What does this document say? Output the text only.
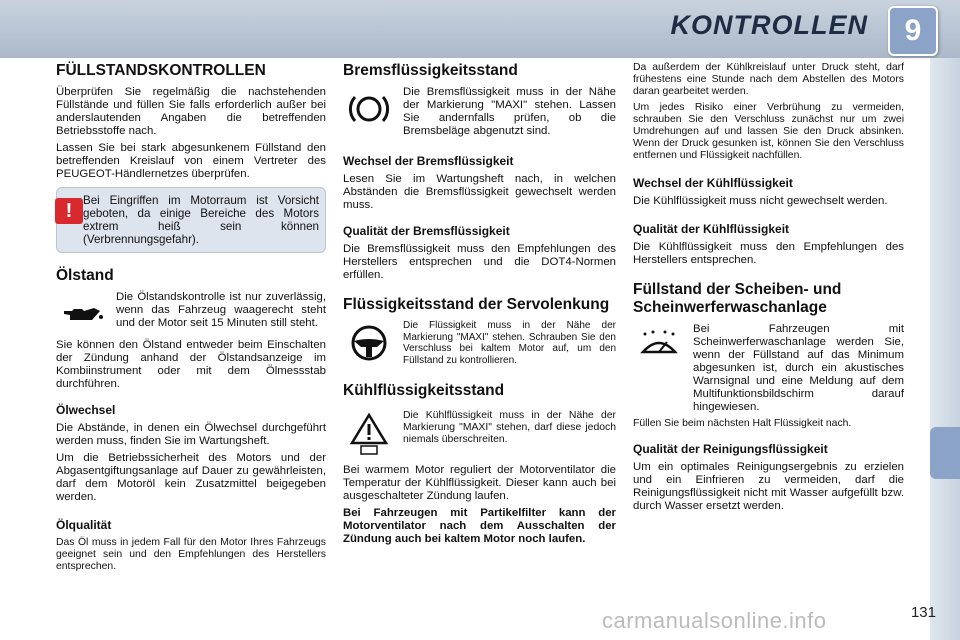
KONTROLLEN	9
FÜLLSTANDSKONTROLLEN

Überprüfen Sie regelmäßig die nachstehenden Füllstände und füllen Sie falls erforderlich außer bei anderslautenden Angaben die betreffenden Betriebsstoffe nach.

Lassen Sie bei stark abgesunkenem Füllstand den betreffenden Kreislauf von einem Vertreter des PEUGEOT-Händlernetzes überprüfen.

! Bei Eingriffen im Motorraum ist Vorsicht geboten, da einige Bereiche des Motors extrem heiß sein können (Verbrennungsgefahr).

Ölstand

Die Ölstandskontrolle ist nur zuverlässig, wenn das Fahrzeug waagerecht steht und der Motor seit 15 Minuten still steht.

Sie können den Ölstand entweder beim Einschalten der Zündung anhand der Ölstandsanzeige im Kombiinstrument oder mit dem Ölmessstab durchführen.

Ölwechsel

Die Abstände, in denen ein Ölwechsel durchgeführt werden muss, finden Sie im Wartungsheft.

Um die Betriebssicherheit des Motors und der Abgasentgiftungsanlage auf Dauer zu gewährleisten, darf dem Motoröl kein Zusatzmittel beigegeben werden.

Ölqualität

Das Öl muss in jedem Fall für den Motor Ihres Fahrzeugs geeignet sein und den Empfehlungen des Herstellers entsprechen.

Bremsflüssigkeitsstand

Die Bremsflüssigkeit muss in der Nähe der Markierung "MAXI" stehen. Lassen Sie andernfalls prüfen, ob die Bremsbeläge abgenutzt sind.

Wechsel der Bremsflüssigkeit

Lesen Sie im Wartungsheft nach, in welchen Abständen die Bremsflüssigkeit gewechselt werden muss.

Qualität der Bremsflüssigkeit

Die Bremsflüssigkeit muss den Empfehlungen des Herstellers entsprechen und die DOT4-Normen erfüllen.

Flüssigkeitsstand der Servolenkung

Die Flüssigkeit muss in der Nähe der Markierung "MAXI" stehen. Schrauben Sie den Verschluss bei kaltem Motor auf, um den Füllstand zu kontrollieren.

Kühlflüssigkeitsstand

Die Kühlflüssigkeit muss in der Nähe der Markierung "MAXI" stehen, darf diese jedoch niemals überschreiten.

Bei warmem Motor reguliert der Motorventilator die Temperatur der Kühlflüssigkeit. Dieser kann auch bei ausgeschalteter Zündung laufen.

Bei Fahrzeugen mit Partikelfilter kann der Motorventilator nach dem Ausschalten der Zündung auch bei kaltem Motor noch laufen.

Da außerdem der Kühlkreislauf unter Druck steht, darf frühestens eine Stunde nach dem Abstellen des Motors daran gearbeitet werden.

Um jedes Risiko einer Verbrühung zu vermeiden, schrauben Sie den Verschluss zunächst nur um zwei Umdrehungen auf und lassen Sie den Druck absinken. Wenn der Druck gesunken ist, können Sie den Verschluss entfernen und Flüssigkeit nachfüllen.

Wechsel der Kühlflüssigkeit

Die Kühlflüssigkeit muss nicht gewechselt werden.

Qualität der Kühlflüssigkeit

Die Kühlflüssigkeit muss den Empfehlungen des Herstellers entsprechen.

Füllstand der Scheiben- und Scheinwerferwaschanlage

Bei Fahrzeugen mit Scheinwerferwaschanlage werden Sie, wenn der Füllstand auf das Minimum abgesunken ist, durch ein akustisches Warnsignal und eine Meldung auf dem Multifunktionsbildschirm darauf hingewiesen.

Füllen Sie beim nächsten Halt Flüssigkeit nach.

Qualität der Reinigungsflüssigkeit

Um ein optimales Reinigungsergebnis zu erzielen und ein Einfrieren zu vermeiden, darf die Reinigungsflüssigkeit nicht mit Wasser aufgefüllt bzw. durch Wasser ersetzt werden.

carmanualsonline.info	131
